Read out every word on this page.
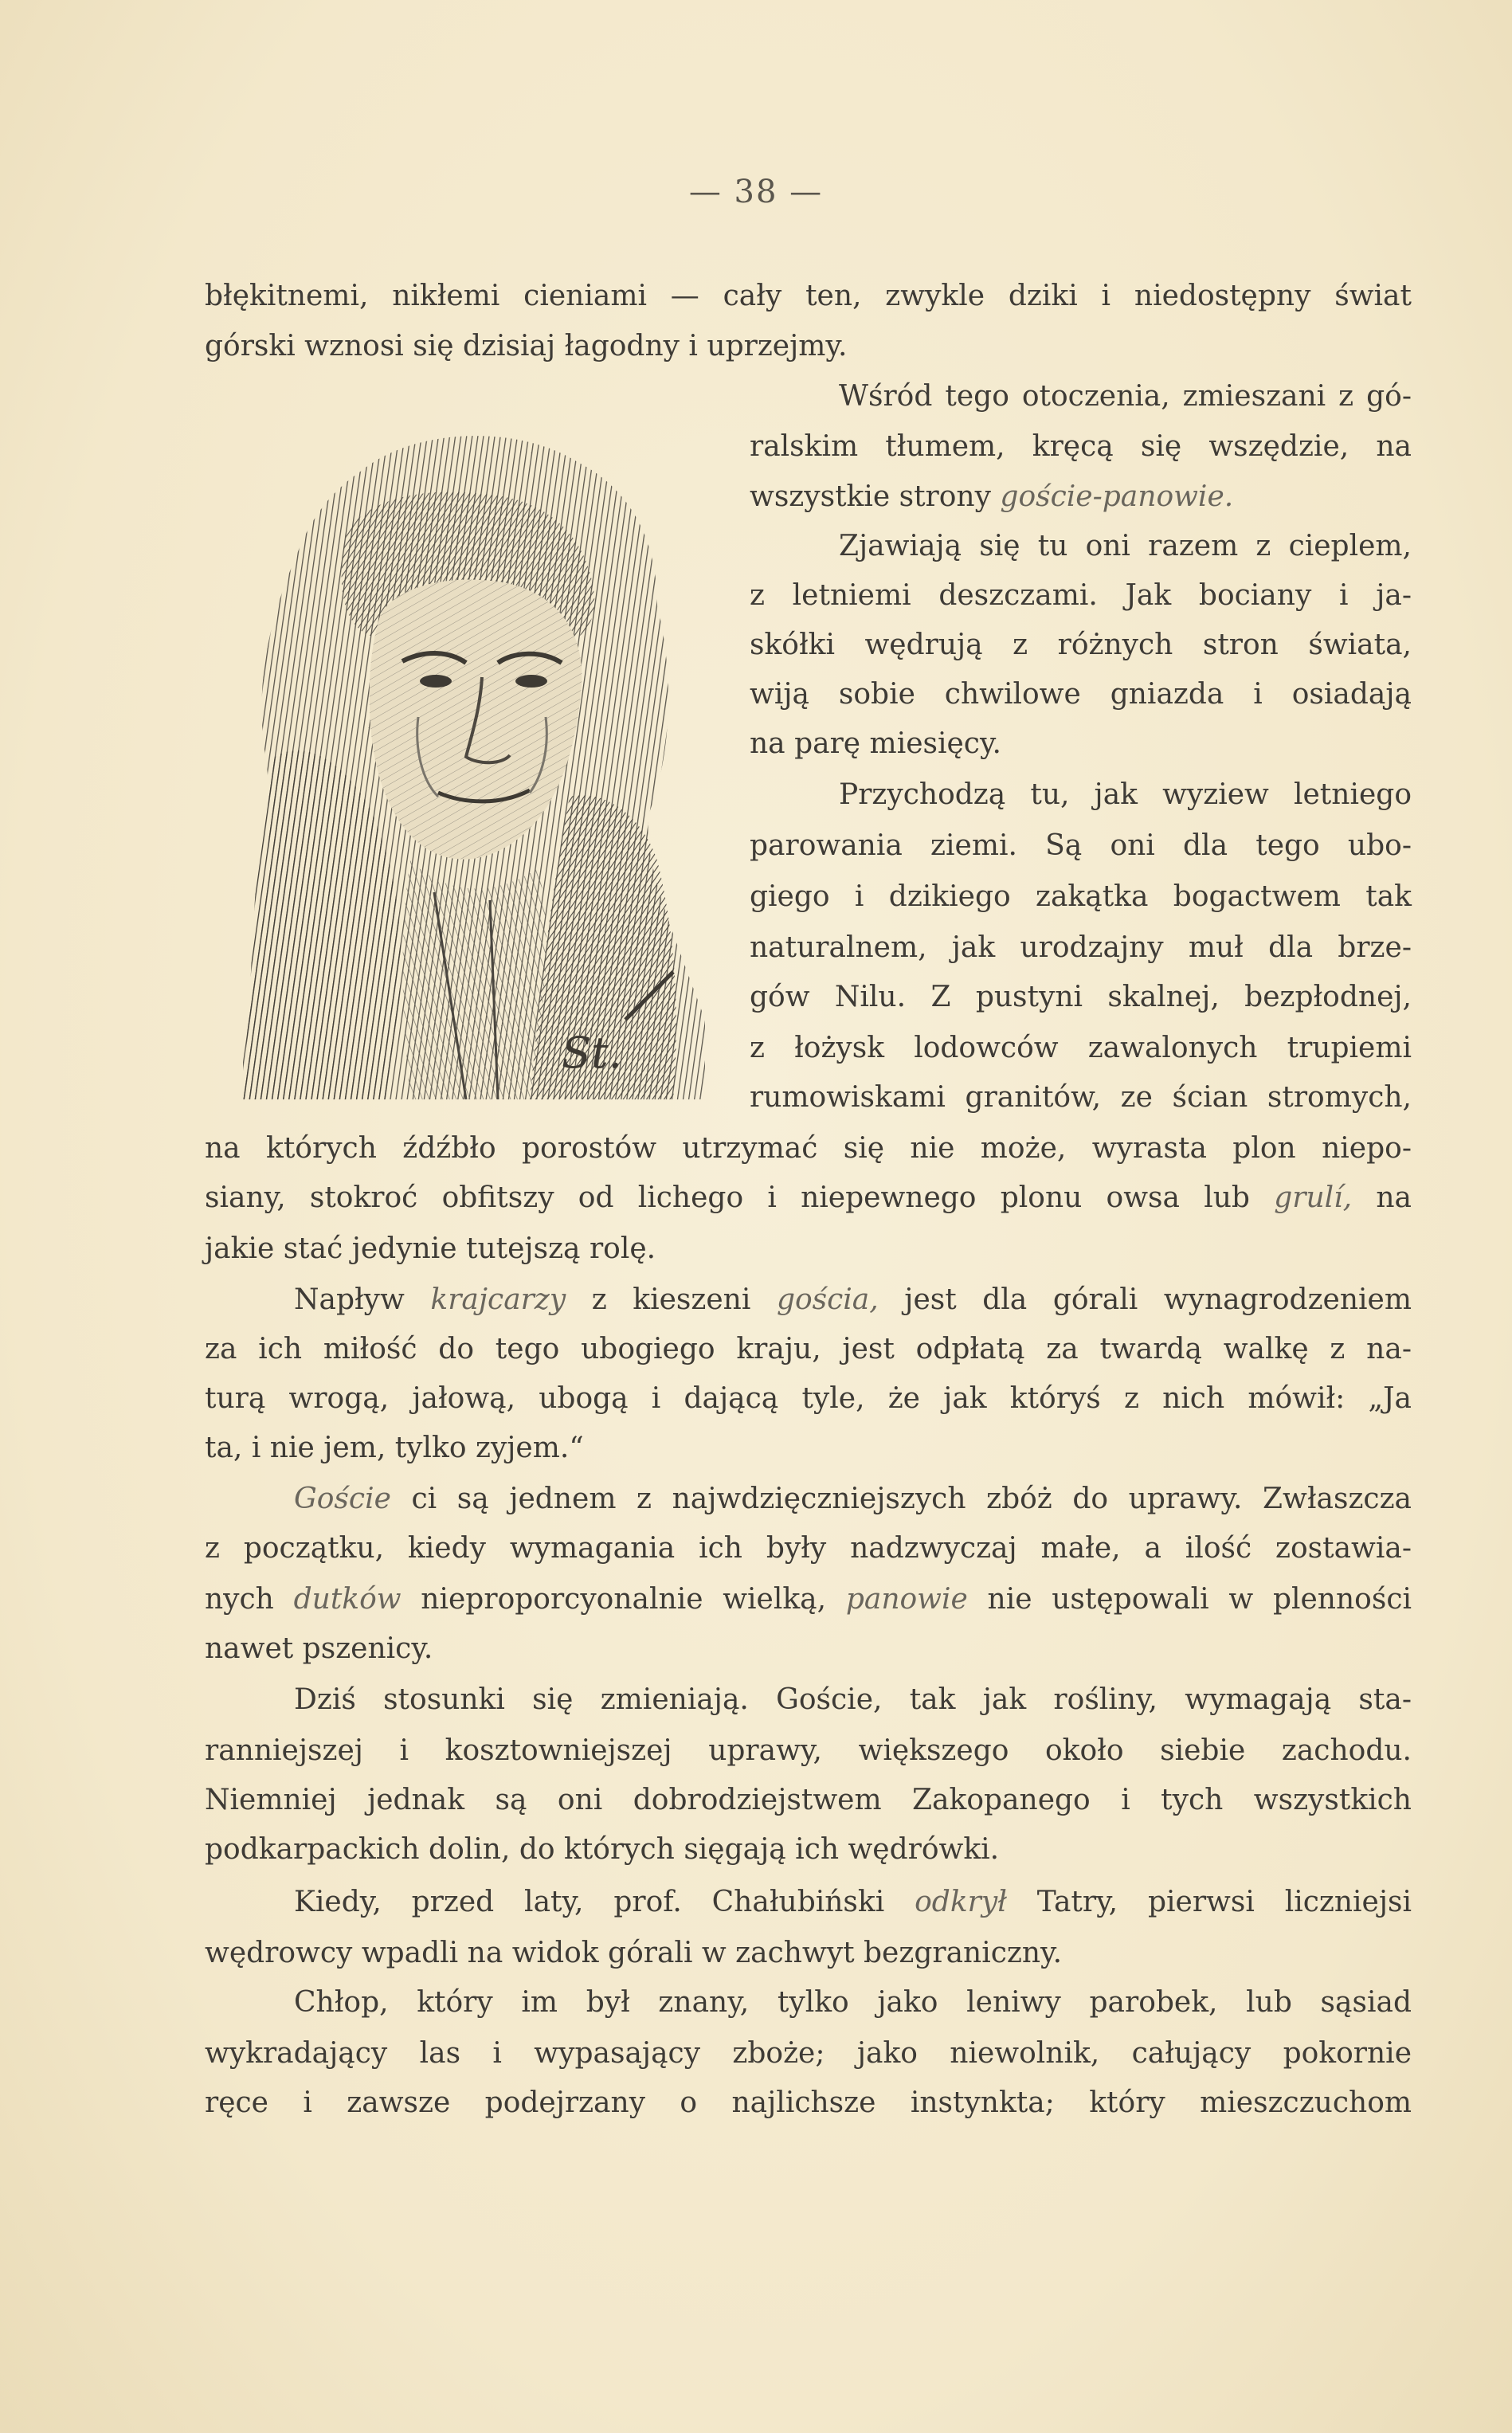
— 38 —
St.
błękitnemi, nikłemi cieniami — cały ten, zwykle dziki i niedostępny świat
górski wznosi się dzisiaj łagodny i uprzejmy.
Wśród tego otoczenia, zmieszani z gó-
ralskim tłumem, kręcą się wszędzie, na
wszystkie strony goście-panowie.
Zjawiają się tu oni razem z cieplem,
z letniemi deszczami. Jak bociany i ja-
skółki wędrują z różnych stron świata,
wiją sobie chwilowe gniazda i osiadają
na parę miesięcy.
Przychodzą tu, jak wyziew letniego
parowania ziemi. Są oni dla tego ubo-
giego i dzikiego zakątka bogactwem tak
naturalnem, jak urodzajny muł dla brze-
gów Nilu. Z pustyni skalnej, bezpłodnej,
z łożysk lodowców zawalonych trupiemi
rumowiskami granitów, ze ścian stromych,
na których źdźbło porostów utrzymać się nie może, wyrasta plon niepo-
siany, stokroć obfitszy od lichego i niepewnego plonu owsa lub grulí, na
jakie stać jedynie tutejszą rolę.
Napływ krajcarzy z kieszeni gościa, jest dla górali wynagrodzeniem
za ich miłość do tego ubogiego kraju, jest odpłatą za twardą walkę z na-
turą wrogą, jałową, ubogą i dającą tyle, że jak któryś z nich mówił: „Ja
ta, i nie jem, tylko zyjem.“
Goście ci są jednem z najwdzięczniejszych zbóż do uprawy. Zwłaszcza
z początku, kiedy wymagania ich były nadzwyczaj małe, a ilość zostawia-
nych dutków nieproporcyonalnie wielką, panowie nie ustępowali w plenności
nawet pszenicy.
Dziś stosunki się zmieniają. Goście, tak jak rośliny, wymagają sta-
ranniejszej i kosztowniejszej uprawy, większego około siebie zachodu.
Niemniej jednak są oni dobrodziejstwem Zakopanego i tych wszystkich
podkarpackich dolin, do których sięgają ich wędrówki.
Kiedy, przed laty, prof. Chałubiński odkrył Tatry, pierwsi liczniejsi
wędrowcy wpadli na widok górali w zachwyt bezgraniczny.
Chłop, który im był znany, tylko jako leniwy parobek, lub sąsiad
wykradający las i wypasający zboże; jako niewolnik, całujący pokornie
ręce i zawsze podejrzany o najlichsze instynkta; który mieszczuchom
